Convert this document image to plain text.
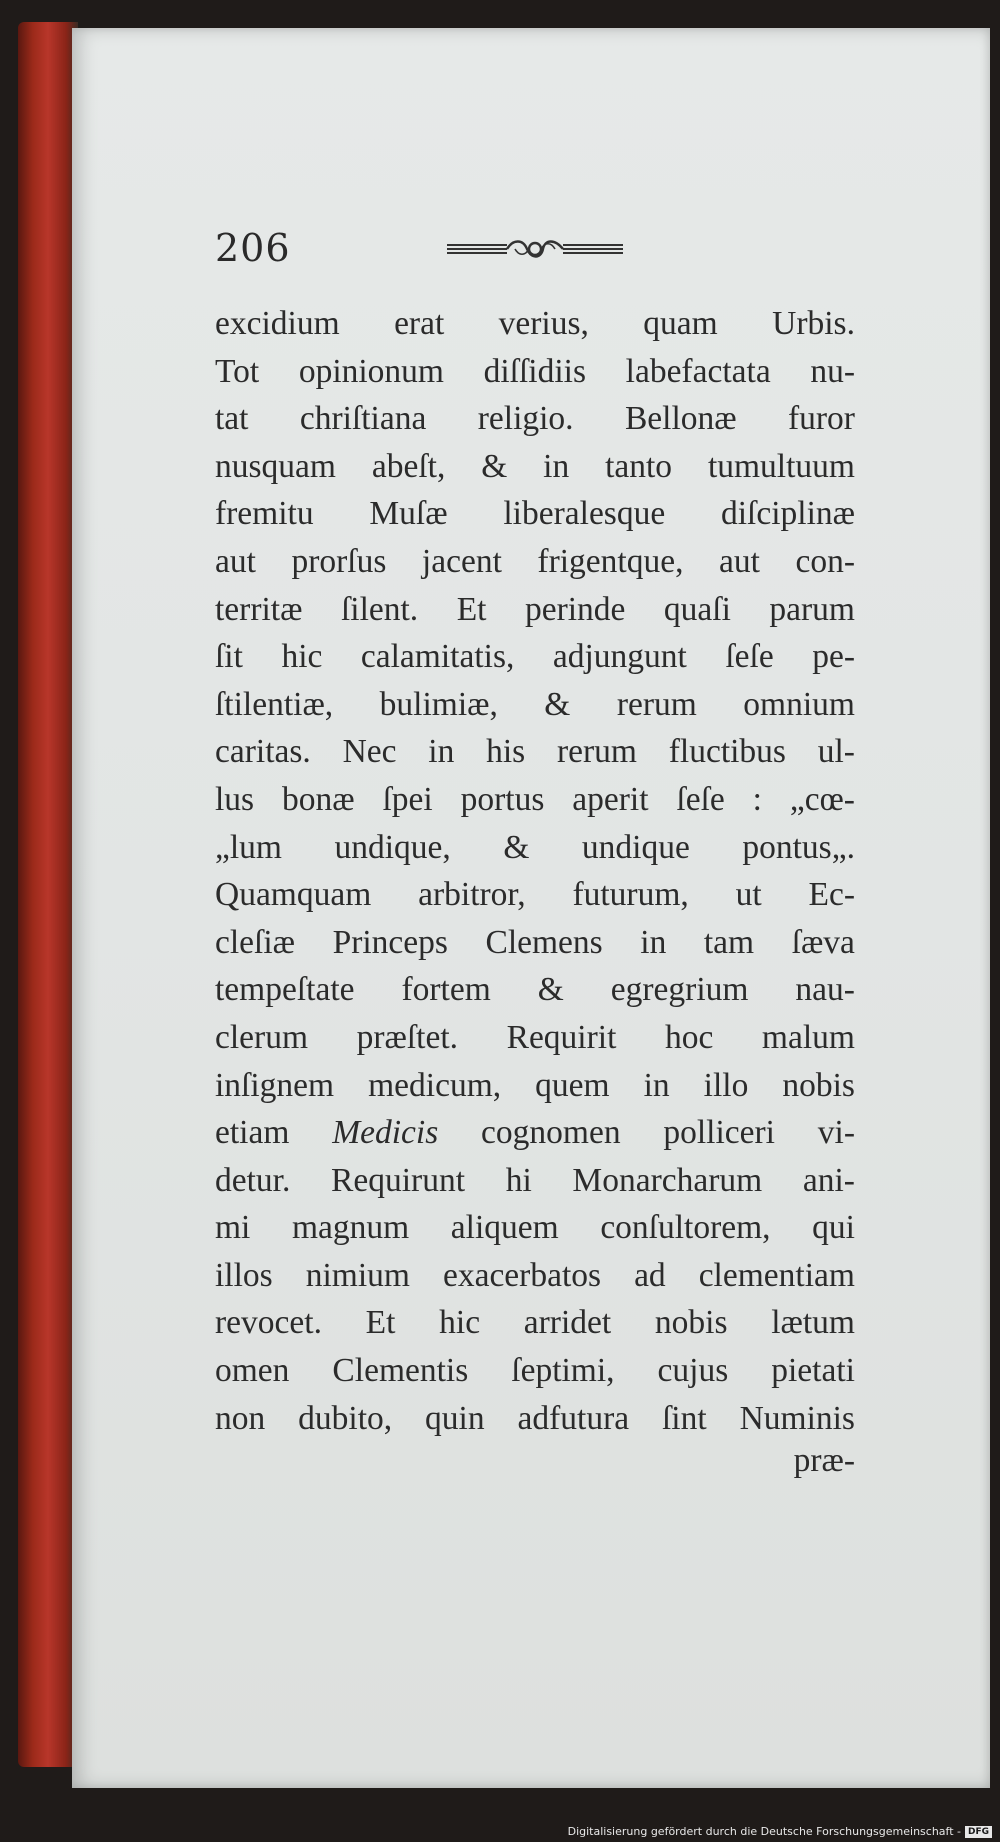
206
excidium erat verius, quam Urbis.
Tot opinionum diſſidiis labefactata nu-
tat chriſtiana religio. Bellonæ furor
nusquam abeſt, & in tanto tumultuum
fremitu Muſæ liberalesque diſciplinæ
aut prorſus jacent frigentque, aut con-
territæ ſilent. Et perinde quaſi parum
ſit hic calamitatis, adjungunt ſeſe pe-
ſtilentiæ, bulimiæ, & rerum omnium
caritas. Nec in his rerum fluctibus ul-
lus bonæ ſpei portus aperit ſeſe : „cœ-
„lum undique, & undique pontus„.
Quamquam arbitror, futurum, ut Ec-
cleſiæ Princeps Clemens in tam ſæva
tempeſtate fortem & egregrium nau-
clerum præſtet. Requirit hoc malum
inſignem medicum, quem in illo nobis
etiam Medicis cognomen polliceri vi-
detur. Requirunt hi Monarcharum ani-
mi magnum aliquem conſultorem, qui
illos nimium exacerbatos ad clementiam
revocet. Et hic arridet nobis lætum
omen Clementis ſeptimi, cujus pietati
non dubito, quin adfutura ſint Numinis
præ-
Digitalisierung gefördert durch die Deutsche Forschungsgemeinschaft - DFG
